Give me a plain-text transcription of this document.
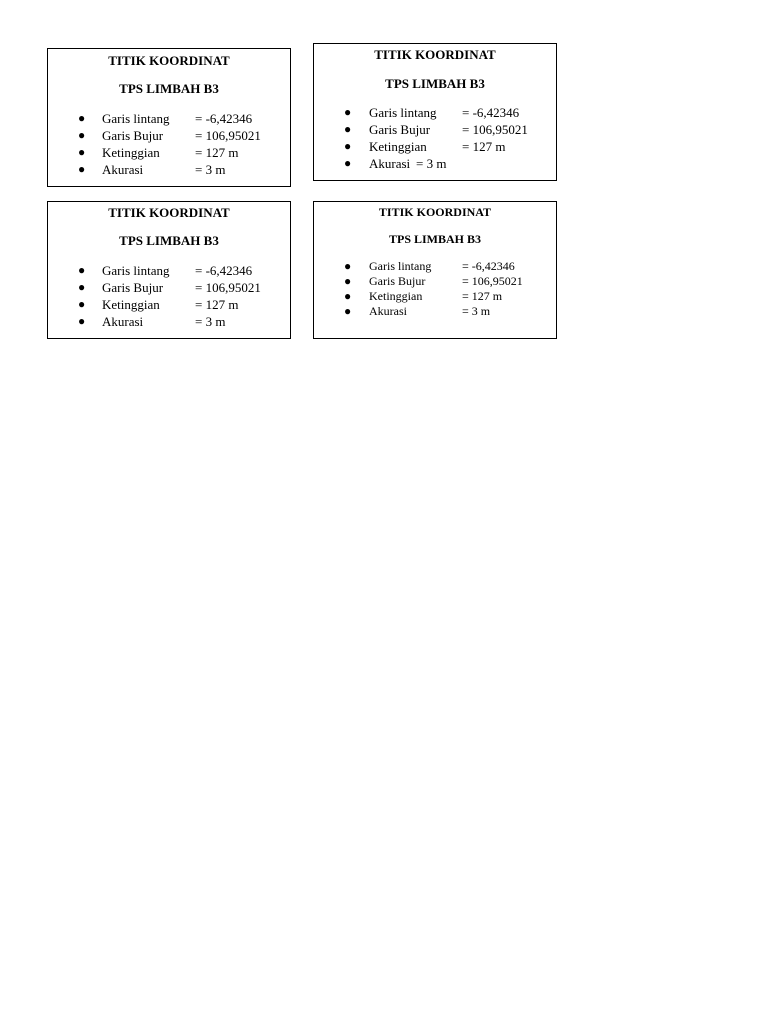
TITIK KOORDINAT
TPS LIMBAH B3
● Garis lintang = -6,42346
● Garis Bujur = 106,95021
● Ketinggian	= 127 m
● Akurasi	= 3 m
TITIK KOORDINAT
TPS LIMBAH B3
● Garis lintang = -6,42346
● Garis Bujur = 106,95021
● Ketinggian	= 127 m
● Akurasi = 3 m
TITIK KOORDINAT
TPS LIMBAH B3
● Garis lintang = -6,42346
● Garis Bujur = 106,95021
● Ketinggian	= 127 m
● Akurasi	= 3 m
TITIK KOORDINAT
TPS LIMBAH B3
● Garis lintang	= -6,42346
● Garis Bujur	= 106,95021
● Ketinggian	= 127 m
● Akurasi	= 3 m
